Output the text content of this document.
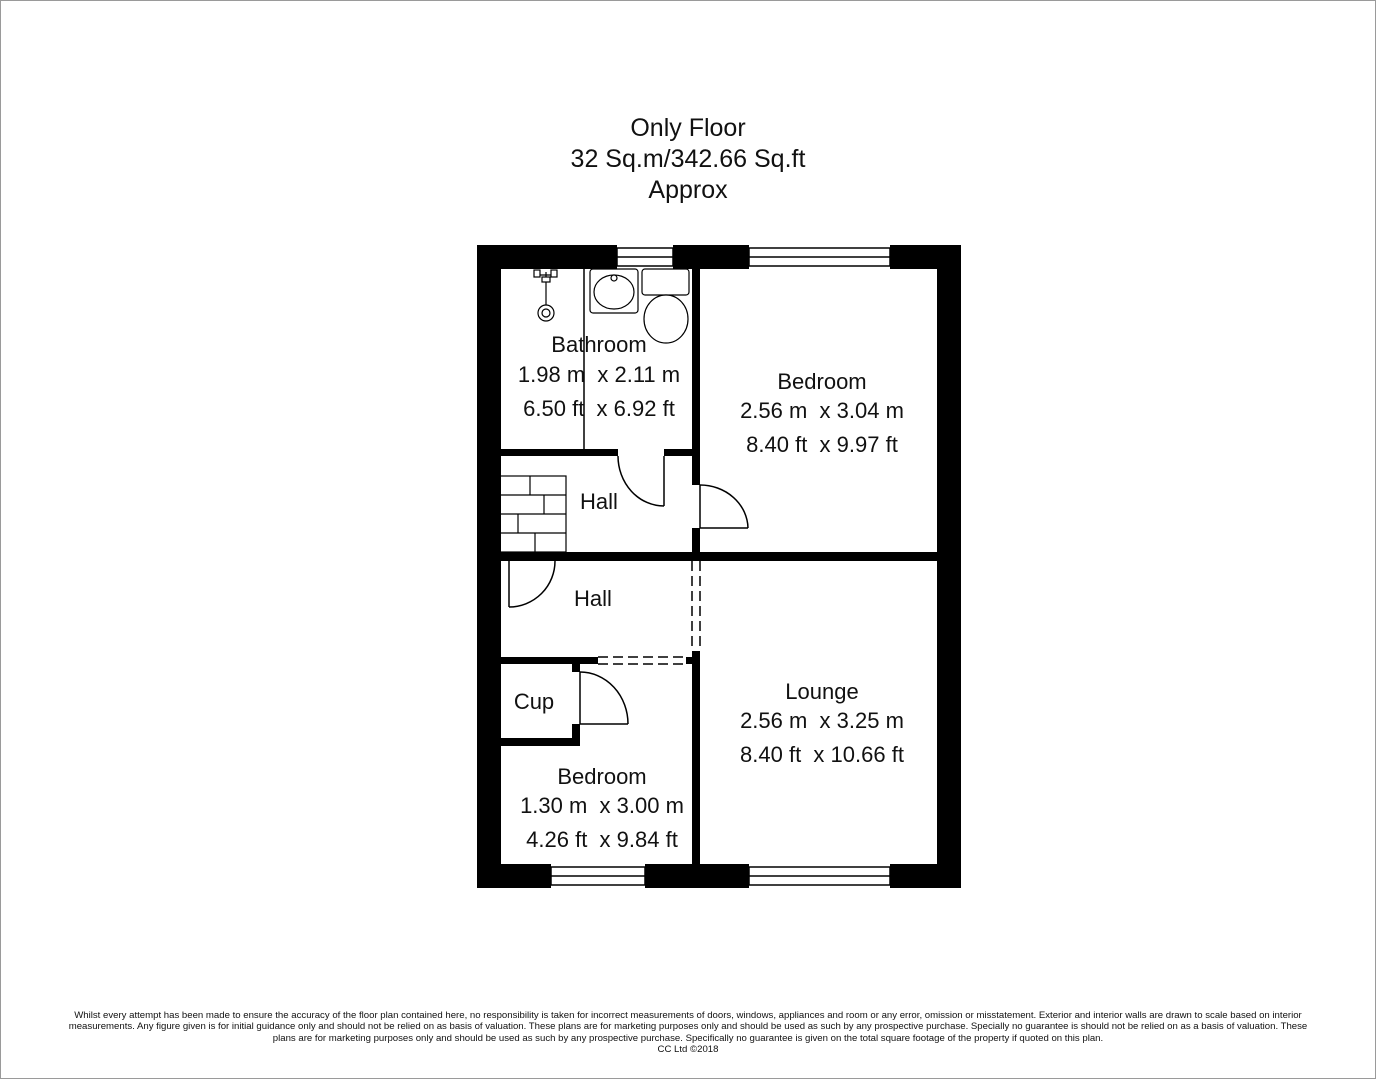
Only Floor
32 Sq.m/342.66 Sq.ft
Approx
Bathroom
1.98 m  x 2.11 m
6.50 ft  x 6.92 ft
Bedroom
2.56 m  x 3.04 m
8.40 ft  x 9.97 ft
Hall
Hall
Lounge
2.56 m  x 3.25 m
8.40 ft  x 10.66 ft
Cup
Bedroom
1.30 m  x 3.00 m
4.26 ft  x 9.84 ft
Whilst every attempt has been made to ensure the accuracy of the floor plan contained here, no responsibility is taken for incorrect measurements of doors, windows, appliances and room or any error, omission or misstatement. Exterior and interior walls are drawn to scale based on interior measurements. Any figure given is for initial guidance only and should not be relied on as basis of valuation. These plans are for marketing purposes only and should be used as such by any prospective purchase. Specially no guarantee is should not be relied on as a basis of valuation. These plans are for marketing purposes only and should be used as such by any prospective purchase. Specifically no guarantee is given on the total square footage of the property if quoted on this plan.
CC Ltd ©2018
